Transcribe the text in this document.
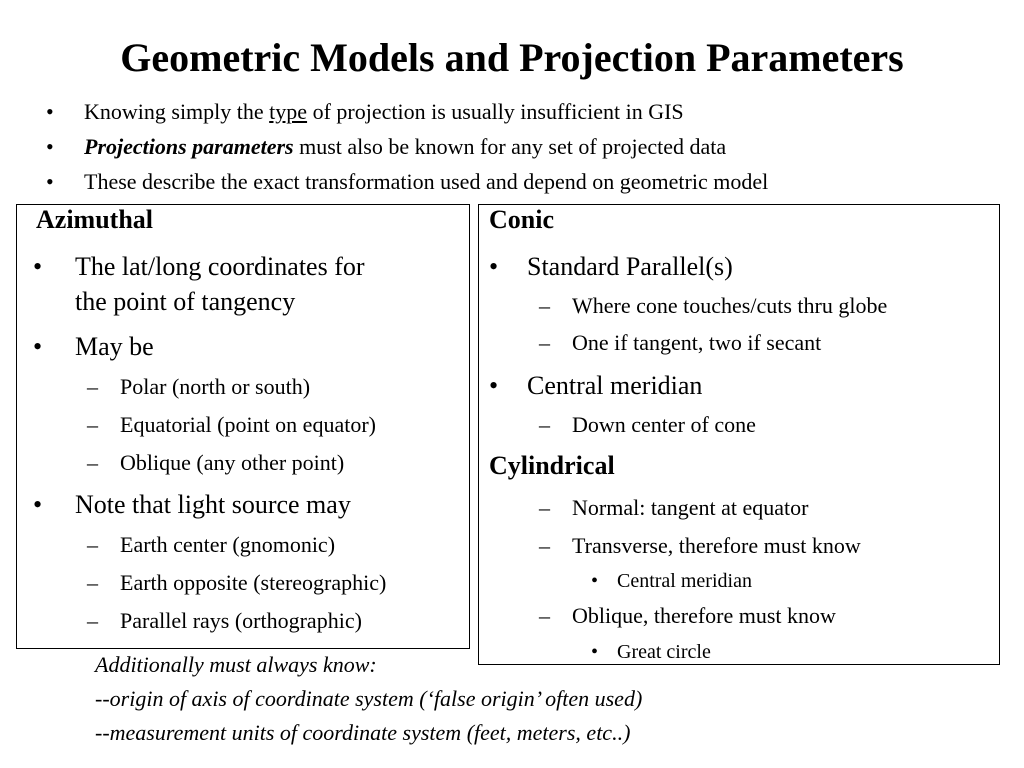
Geometric Models and Projection Parameters
• Knowing simply the type of projection is usually insufficient in GIS
• Projections parameters must also be known for any set of projected data
• These describe the exact transformation used and depend on geometric model
Azimuthal
• The lat/long coordinates for
the point of tangency
• May be
– Polar (north or south)
– Equatorial (point on equator)
– Oblique (any other point)
• Note that light source may
– Earth center (gnomonic)
– Earth opposite (stereographic)
– Parallel rays (orthographic)
Conic
• Standard Parallel(s)
– Where cone touches/cuts thru globe
– One if tangent, two if secant
• Central meridian
– Down center of cone
Cylindrical
– Normal: tangent at equator
– Transverse, therefore must know
• Central meridian
– Oblique, therefore must know
• Great circle
Additionally must always know:
--origin of axis of coordinate system (‘false origin’ often used)
--measurement units of coordinate system (feet, meters, etc..)
